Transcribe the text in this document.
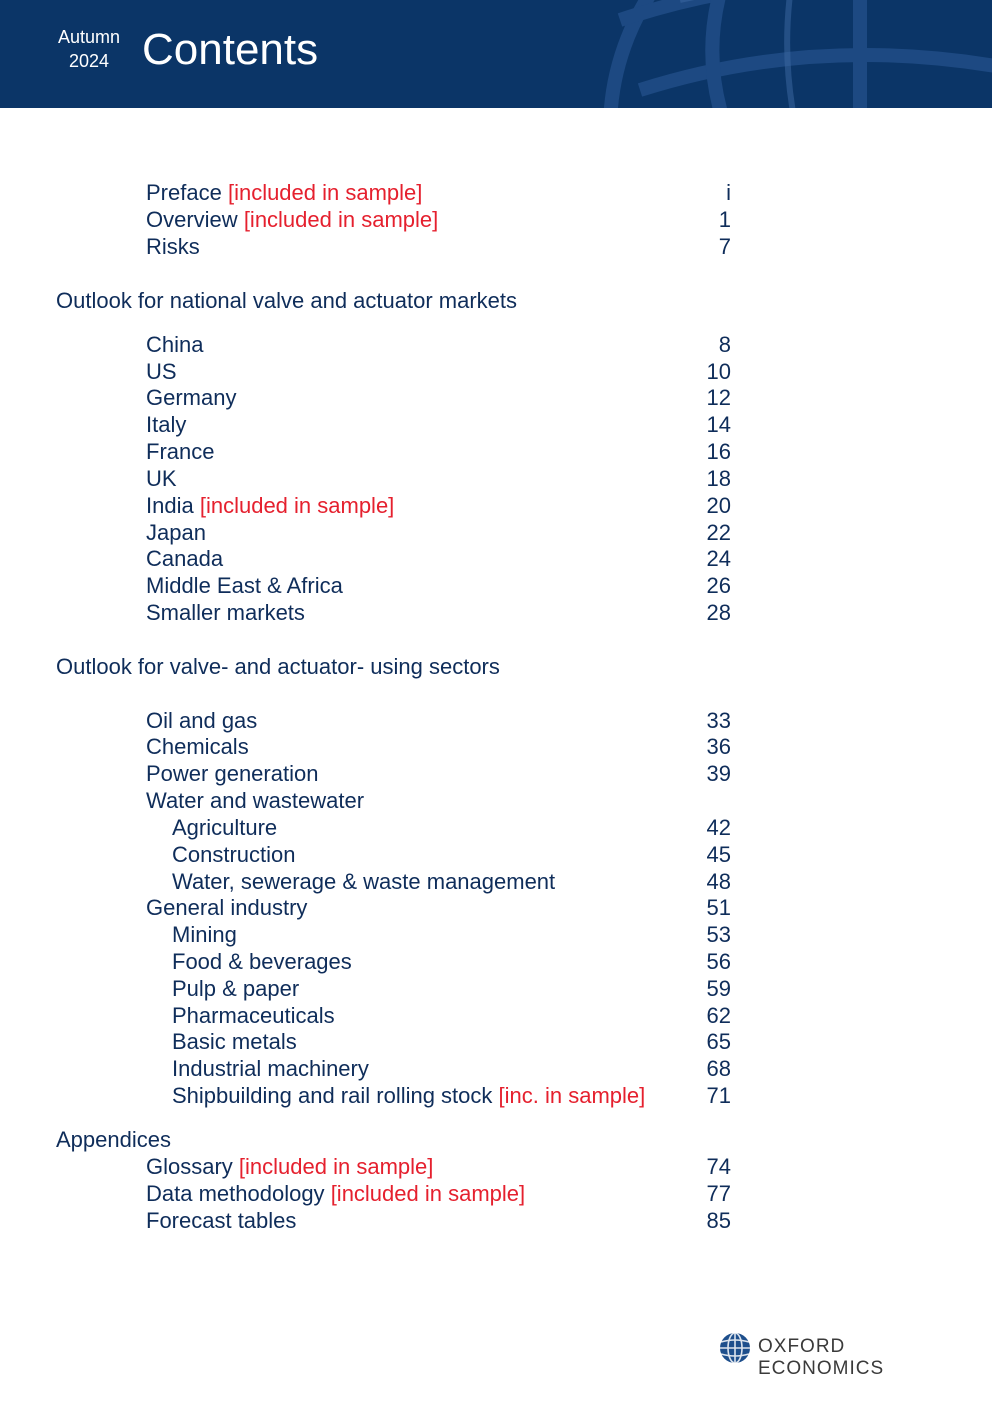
Autumn
2024 Contents
Preface [included in sample]	i
Overview [included in sample]	1
Risks	7
Outlook for national valve and actuator markets
China	8
US	10
Germany	12
Italy	14
France	16
UK	18
India [included in sample]	20
Japan	22
Canada	24
Middle East & Africa	26
Smaller markets	28
Outlook for valve- and actuator- using sectors
Oil and gas	33
Chemicals	36
Power generation	39
Water and wastewater
Agriculture	42
Construction	45
Water, sewerage & waste management	48
General industry	51
Mining	53
Food & beverages	56
Pulp & paper	59
Pharmaceuticals	62
Basic metals	65
Industrial machinery	68
Shipbuilding and rail rolling stock [inc. in sample]	71
Appendices
Glossary [included in sample]	74
Data methodology [included in sample]	77
Forecast tables	85
OXFORD ECONOMICS
